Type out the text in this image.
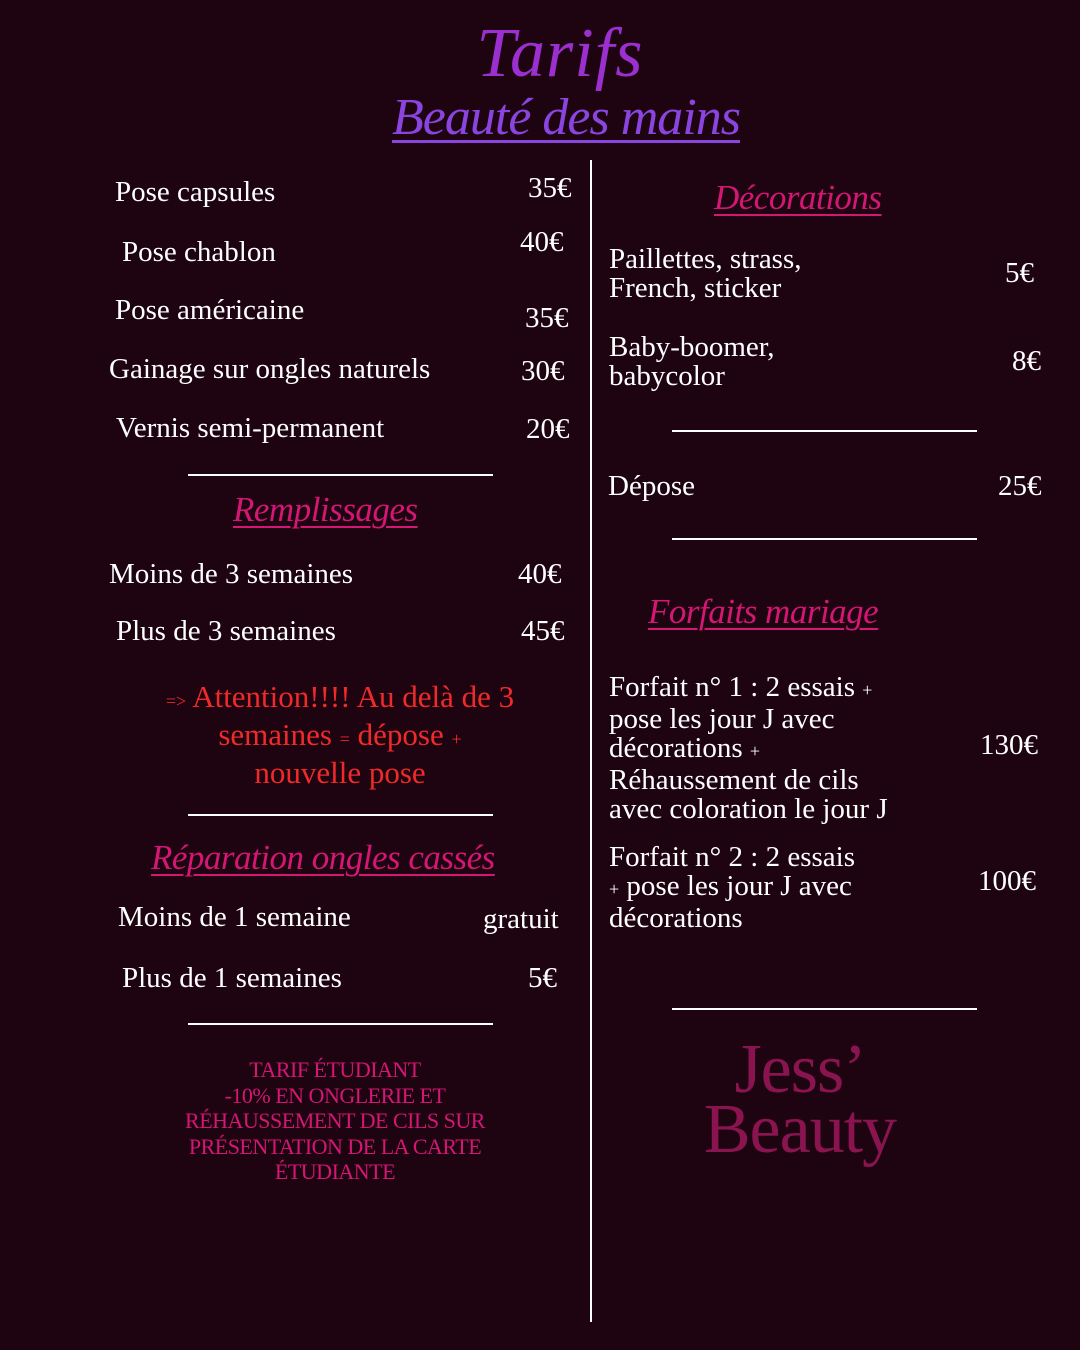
Tarifs
Beauté des mains
Pose capsules	35€
Pose chablon	40€
Pose américaine	35€
Gainage sur ongles naturels	30€
Vernis semi-permanent	20€
Remplissages
Moins de 3 semaines	40€
Plus de 3 semaines	45€
=> Attention!!!! Au delà de 3
semaines = dépose +
nouvelle pose
Réparation ongles cassés
Moins de 1 semaine	gratuit
Plus de 1 semaines	5€
TARIF ÉTUDIANT
-10% EN ONGLERIE ET
RÉHAUSSEMENT DE CILS SUR
PRÉSENTATION DE LA CARTE
ÉTUDIANTE
Décorations
Paillettes, strass,
French, sticker	5€
Baby-boomer,
babycolor	8€
Dépose	25€
Forfaits mariage
Forfait n° 1 : 2 essais +
pose les jour J avec
décorations +
Réhaussement de cils
avec coloration le jour J
130€
Forfait n° 2 : 2 essais
+ pose les jour J avec
décorations
100€
Jess’
Beauty
